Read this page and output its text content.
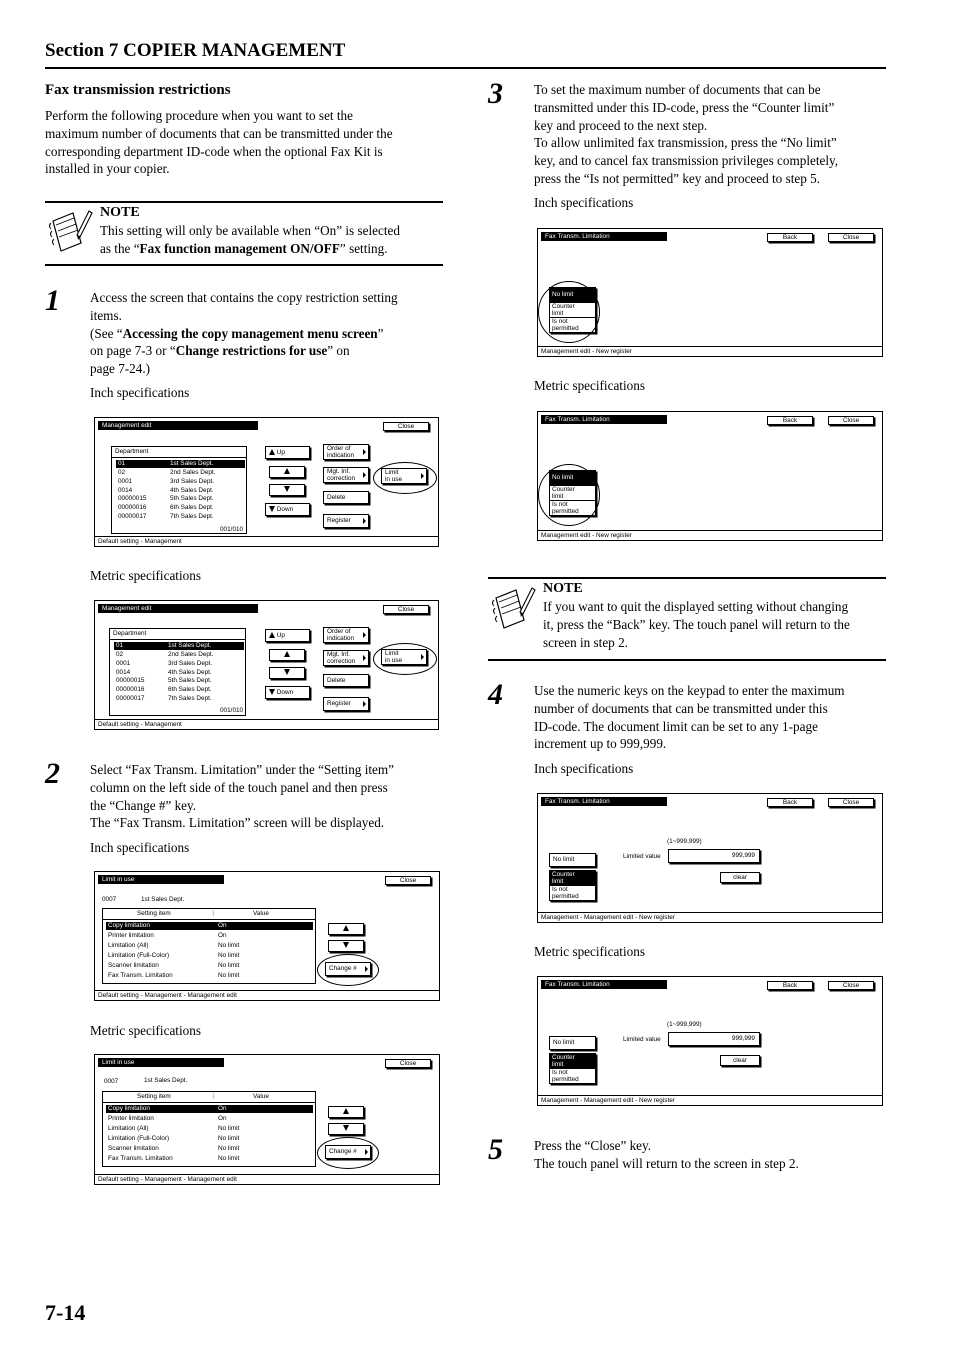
Section 7 COPIER MANAGEMENT
Fax transmission restrictions
Perform the following procedure when you want to set the
maximum number of documents that can be transmitted under the
corresponding department ID-code when the optional Fax Kit is
installed in your copier.
NOTE
This setting will only be available when “On” is selected
as the “Fax function management ON/OFF” setting.
1 Access the screen that contains the copy restriction setting
items.
(See “Accessing the copy management menu screen”
on page 7-3 or “Change restrictions for use” on
page 7-24.)
Inch specifications
Management edit	Close
Department
01	1st Sales Dept.
02	2nd Sales Dept.
0001	3rd Sales Dept.
0014	4th Sales Dept.
00000015	5th Sales Dept.
00000016	6th Sales Dept.
00000017	7th Sales Dept.
001/010
Up
Down
Order of
indication
Mgt. Inf.
correction
Limit
in use
Delete
Register
Default setting - Management
Metric specifications
Management edit	Close
Department
01	1st Sales Dept.
02	2nd Sales Dept.
0001	3rd Sales Dept.
0014	4th Sales Dept.
00000015	5th Sales Dept.
00000016	6th Sales Dept.
00000017	7th Sales Dept.
001/010
Up
Down
Order of
indication
Mgt. Inf.
correction
Limit
in use
Delete
Register
Default setting - Management
2 Select “Fax Transm. Limitation” under the “Setting item”
column on the left side of the touch panel and then press
the “Change #” key.
The “Fax Transm. Limitation” screen will be displayed.
Inch specifications
Limit in use	Close
0007	1st Sales Dept.
Setting item	⋮	Value
Copy limitation	On
Printer limitation	On
Limitation (All)	No limit
Limitation (Full-Color)	No limit
Scanner limitation	No limit
Fax Transm. Limitation	No limit
Change #
Default setting - Management - Management edit
Metric specifications
Limit in use	Close
0007	1st Sales Dept.
Setting item	⋮	Value
Copy limitation	On
Printer limitation	On
Limitation (All)	No limit
Limitation (Full-Color)	No limit
Scanner limitation	No limit
Fax Transm. Limitation	No limit
Change #
Default setting - Management - Management edit
3 To set the maximum number of documents that can be
transmitted under this ID-code, press the “Counter limit”
key and proceed to the next step.
To allow unlimited fax transmission, press the “No limit”
key, and to cancel fax transmission privileges completely,
press the “Is not permitted” key and proceed to step 5.
Inch specifications
Fax Transm. Limitation	Back	Close
No limit
Counter
limit
Is not
permitted
Management edit - New register
Metric specifications
Fax Transm. Limitation	Back	Close
No limit
Counter
limit
Is not
permitted
Management edit - New register
NOTE
If you want to quit the displayed setting without changing
it, press the “Back” key. The touch panel will return to the
screen in step 2.
4 Use the numeric keys on the keypad to enter the maximum
number of documents that can be transmitted under this
ID-code. The document limit can be set to any 1-page
increment up to 999,999.
Inch specifications
Fax Transm. Limitation	Back	Close
No limit
Counter
limit
Is not
permitted
(1~999,999)
Limited value	999,999
clear
Management - Management edit - New register
Metric specifications
Fax Transm. Limitation	Back	Close
No limit
Counter
limit
Is not
permitted
(1~999,999)
Limited value	999,999
clear
Management - Management edit - New register
5 Press the “Close” key.
The touch panel will return to the screen in step 2.
7-14
